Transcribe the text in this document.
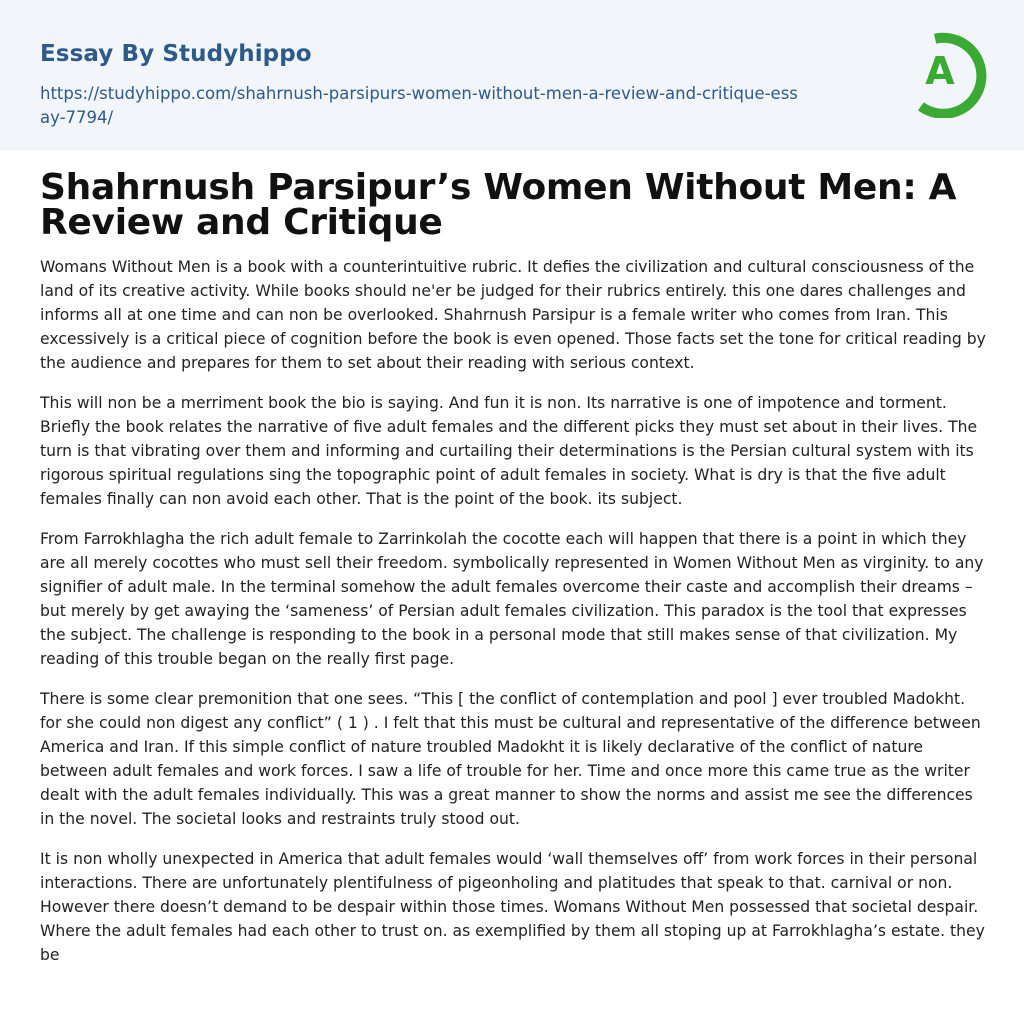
Essay By Studyhippo
https://studyhippo.com/shahrnush-parsipurs-women-without-men-a-review-and-critique-essay-7794/
A
Shahrnush Parsipur’s Women Without Men: A Review and Critique

Womans Without Men is a book with a counterintuitive rubric. It defies the civilization and cultural consciousness of the land of its creative activity. While books should ne'er be judged for their rubrics entirely. this one dares challenges and informs all at one time and can non be overlooked. Shahrnush Parsipur is a female writer who comes from Iran. This excessively is a critical piece of cognition before the book is even opened. Those facts set the tone for critical reading by the audience and prepares for them to set about their reading with serious context.

This will non be a merriment book the bio is saying. And fun it is non. Its narrative is one of impotence and torment. Briefly the book relates the narrative of five adult females and the different picks they must set about in their lives. The turn is that vibrating over them and informing and curtailing their determinations is the Persian cultural system with its rigorous spiritual regulations sing the topographic point of adult females in society. What is dry is that the five adult females finally can non avoid each other. That is the point of the book. its subject.

From Farrokhlagha the rich adult female to Zarrinkolah the cocotte each will happen that there is a point in which they are all merely cocottes who must sell their freedom. symbolically represented in Women Without Men as virginity. to any signifier of adult male. In the terminal somehow the adult females overcome their caste and accomplish their dreams – but merely by get awaying the ‘sameness’ of Persian adult females civilization. This paradox is the tool that expresses the subject. The challenge is responding to the book in a personal mode that still makes sense of that civilization. My reading of this trouble began on the really first page.

There is some clear premonition that one sees. “This [ the conflict of contemplation and pool ] ever troubled Madokht. for she could non digest any conflict” ( 1 ) . I felt that this must be cultural and representative of the difference between America and Iran. If this simple conflict of nature troubled Madokht it is likely declarative of the conflict of nature between adult females and work forces. I saw a life of trouble for her. Time and once more this came true as the writer dealt with the adult females individually. This was a great manner to show the norms and assist me see the differences in the novel. The societal looks and restraints truly stood out.

It is non wholly unexpected in America that adult females would ‘wall themselves off’ from work forces in their personal interactions. There are unfortunately plentifulness of pigeonholing and platitudes that speak to that. carnival or non. However there doesn’t demand to be despair within those times. Womans Without Men possessed that societal despair. Where the adult females had each other to trust on. as exemplified by them all stoping up at Farrokhlagha’s estate. they be
